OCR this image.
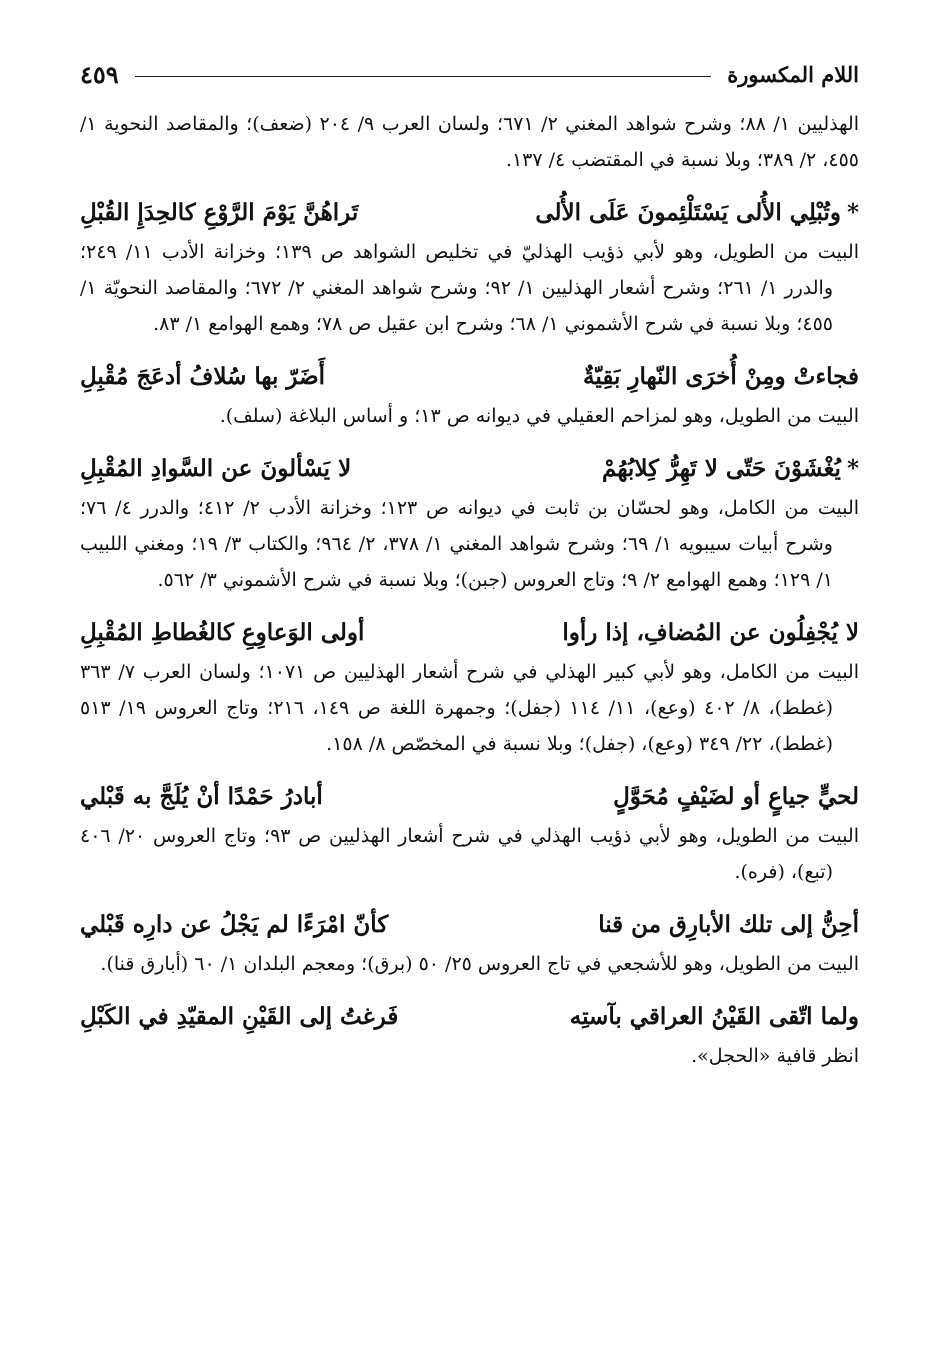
اللام المكسورة
٤٥٩

الهذليين ١/ ٨٨؛ وشرح شواهد المغني ٢/ ٦٧١؛ ولسان العرب ٩/ ٢٠٤ (ضعف)؛ والمقاصد النحوية ١/ ٤٥٥، ٢/ ٣٨٩؛ وبلا نسبة في المقتضب ٤/ ١٣٧.

*وتُبْلِي الأُلى يَسْتَلْئِمونَ عَلَى الأُلى
تَراهُنَّ يَوْمَ الرَّوْعِ كالحِدَإِ القُبْلِ

البيت من الطويل، وهو لأبي ذؤيب الهذليّ في تخليص الشواهد ص ١٣٩؛ وخزانة الأدب ١١/ ٢٤٩؛ والدرر ١/ ٢٦١؛ وشرح أشعار الهذليين ١/ ٩٢؛ وشرح شواهد المغني ٢/ ٦٧٢؛ والمقاصد النحويّة ١/ ٤٥٥؛ وبلا نسبة في شرح الأشموني ١/ ٦٨؛ وشرح ابن عقيل ص ٧٨؛ وهمع الهوامع ١/ ٨٣.

فجاءتْ ومِنْ أُخرَى النّهارِ بَقِيّةٌ
أَضَرّ بها سُلافُ أدعَجَ مُقْبِلِ

البيت من الطويل، وهو لمزاحم العقيلي في ديوانه ص ١٣؛ و أساس البلاغة (سلف).

*يُغْشَوْنَ حَتّى لا تَهِرُّ كِلابُهُمْ
لا يَسْألونَ عن السَّوادِ المُقْبِلِ

البيت من الكامل، وهو لحسّان بن ثابت في ديوانه ص ١٢٣؛ وخزانة الأدب ٢/ ٤١٢؛ والدرر ٤/ ٧٦؛ وشرح أبيات سيبويه ١/ ٦٩؛ وشرح شواهد المغني ١/ ٣٧٨، ٢/ ٩٦٤؛ والكتاب ٣/ ١٩؛ ومغني اللبيب ١/ ١٢٩؛ وهمع الهوامع ٢/ ٩؛ وتاج العروس (جبن)؛ وبلا نسبة في شرح الأشموني ٣/ ٥٦٢.

لا يُجْفِلُون عن المُضافِ، إذا رأوا
أولى الوَعاوِعِ كالغُطاطِ المُقْبِلِ

البيت من الكامل، وهو لأبي كبير الهذلي في شرح أشعار الهذليين ص ١٠٧١؛ ولسان العرب ٧/ ٣٦٣ (غطط)، ٨/ ٤٠٢ (وعع)، ١١/ ١١٤ (جفل)؛ وجمهرة اللغة ص ١٤٩، ٢١٦؛ وتاج العروس ١٩/ ٥١٣ (غطط)، ٢٢/ ٣٤٩ (وعع)، (جفل)؛ وبلا نسبة في المخصّص ٨/ ١٥٨.

لحيٍّ جياعٍ أو لضَيْفٍ مُحَوَّلٍ
أبادرُ حَمْدًا أنْ يُلَجَّ به قَبْلي

البيت من الطويل، وهو لأبي ذؤيب الهذلي في شرح أشعار الهذليين ص ٩٣؛ وتاج العروس ٢٠/ ٤٠٦ (تبع)، (فره).

أحِنُّ إلى تلك الأبارِق من قنا
كأنّ امْرَءًا لم يَجْلُ عن دارِه قَبْلي

البيت من الطويل، وهو للأشجعي في تاج العروس ٢٥/ ٥٠ (برق)؛ ومعجم البلدان ١/ ٦٠ (أبارق قنا).

ولما اتّقى القَيْنُ العراقي بآستِه
فَرغتُ إلى القَيْنِ المقيّدِ في الكَبْلِ

انظر قافية «الحجل».
